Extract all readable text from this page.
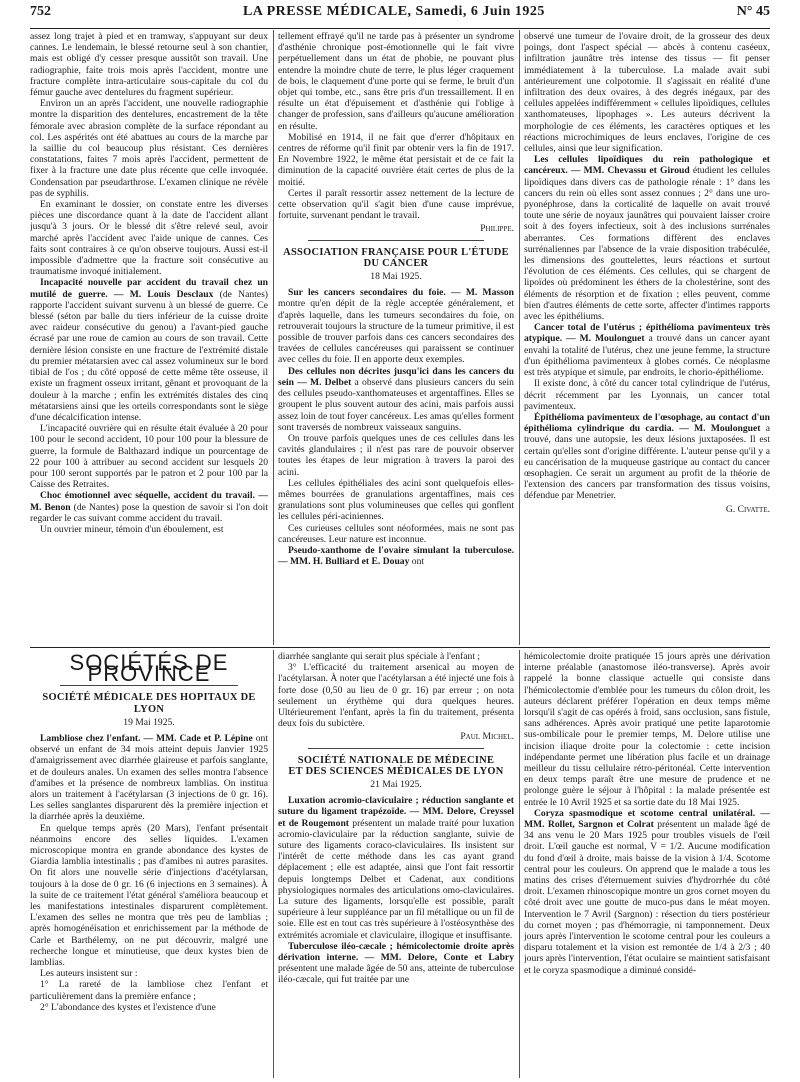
752	LA PRESSE MÉDICALE, Samedi, 6 Juin 1925	N° 45

assez long trajet à pied et en tramway, s'appuyant sur deux cannes. Le lendemain, le blessé retourne seul à son chantier, mais est obligé d'y cesser presque aussitôt son travail. Une radiographie, faite trois mois après l'accident, montre une fracture complète intra-articulaire sous-capitale du col du fémur gauche avec dentelures du fragment supérieur.

Environ un an après l'accident, une nouvelle radiographie montre la disparition des dentelures, encastrement de la tête fémorale avec abrasion complète de la surface répondant au col. Les aspérités ont été abattues au cours de la marche par la saillie du col beaucoup plus résistant. Ces dernières constatations, faites 7 mois après l'accident, permettent de fixer à la fracture une date plus récente que celle invoquée. Condensation par pseudarthrose. L'examen clinique ne révèle pas de syphilis.

En examinant le dossier, on constate entre les diverses pièces une discordance quant à la date de l'accident allant jusqu'à 3 jours. Or le blessé dit s'être relevé seul, avoir marché après l'accident avec l'aide unique de cannes. Ces faits sont contraires à ce qu'on observe toujours. Aussi est-il impossible d'admettre que la fracture soit consécutive au traumatisme invoqué initialement.

Incapacité nouvelle par accident du travail chez un mutilé de guerre. — M. Louis Desclaux (de Nantes) rapporte l'accident suivant survenu à un blessé de guerre. Ce blessé (séton par balle du tiers inférieur de la cuisse droite avec raideur consécutive du genou) a l'avant-pied gauche écrasé par une roue de camion au cours de son travail. Cette dernière lésion consiste en une fracture de l'extrémité distale du premier métatarsien avec cal assez volumineux sur le bord tibial de l'os ; du côté opposé de cette même tête osseuse, il existe un fragment osseux irritant, gênant et provoquant de la douleur à la marche ; enfin les extrémités distales des cinq métatarsiens ainsi que les orteils correspondants sont le siège d'une décalcification intense.

L'incapacité ouvrière qui en résulte était évaluée à 20 pour 100 pour le second accident, 10 pour 100 pour la blessure de guerre, la formule de Balthazard indique un pourcentage de 22 pour 100 à attribuer au second accident sur lesquels 20 pour 100 seront supportés par le patron et 2 pour 100 par la Caisse des Retraites.

Choc émotionnel avec séquelle, accident du travail. — M. Benon (de Nantes) pose la question de savoir si l'on doit regarder le cas suivant comme accident du travail.

Un ouvrier mineur, témoin d'un éboulement, est

tellement effrayé qu'il ne tarde pas à présenter un syndrome d'asthénie chronique post-émotionnelle qui le fait vivre perpétuellement dans un état de phobie, ne pouvant plus entendre la moindre chute de terre, le plus léger craquement de bois, le claquement d'une porte qui se ferme, le bruit d'un objet qui tombe, etc., sans être pris d'un tressaillement. Il en résulte un état d'épuisement et d'asthénie qui l'oblige à changer de profession, sans d'ailleurs qu'aucune amélioration en résulte.

Mobilisé en 1914, il ne fait que d'errer d'hôpitaux en centres de réforme qu'il finit par obtenir vers la fin de 1917. En Novembre 1922, le même état persistait et de ce fait la diminution de la capacité ouvrière était certes de plus de la moitié.

Certes il paraît ressortir assez nettement de la lecture de cette observation qu'il s'agit bien d'une cause imprévue, fortuite, survenant pendant le travail.

Philippe.

ASSOCIATION FRANÇAISE POUR L'ÉTUDE DU CANCER
18 Mai 1925.

Sur les cancers secondaires du foie. — M. Masson montre qu'en dépit de la règle acceptée généralement, et d'après laquelle, dans les tumeurs secondaires du foie, on retrouverait toujours la structure de la tumeur primitive, il est possible de trouver parfois dans ces cancers secondaires des travées de cellules cancéreuses qui paraissent se continuer avec celles du foie. Il en apporte deux exemples.

Des cellules non décrites jusqu'ici dans les cancers du sein — M. Delbet a observé dans plusieurs cancers du sein des cellules pseudo-xanthomateuses et argentaffines. Elles se groupent le plus souvent autour des acini, mais parfois aussi assez loin de tout foyer cancéreux. Les amas qu'elles forment sont traversés de nombreux vaisseaux sanguins.

On trouve parfois quelques unes de ces cellules dans les cavités glandulaires ; il n'est pas rare de pouvoir observer toutes les étapes de leur migration à travers la paroi des acini.

Les cellules épithéliales des acini sont quelquefois elles-mêmes bourrées de granulations argentaffines, mais ces granulations sont plus volumineuses que celles qui gonflent les cellules péri-aciniennes.

Ces curieuses cellules sont néoformées, mais ne sont pas cancéreuses. Leur nature est inconnue.

Pseudo-xanthome de l'ovaire simulant la tuberculose. — MM. H. Bulliard et E. Douay ont

observé une tumeur de l'ovaire droit, de la grosseur des deux poings, dont l'aspect spécial — abcès à contenu caséeux, infiltration jaunâtre très intense des tissus — fit penser immédiatement à la tuberculose. La malade avait subi antérieurement une colpotomie. Il s'agissait en réalité d'une infiltration des deux ovaires, à des degrés inégaux, par des cellules appelées indifféremment « cellules lipoïdiques, cellules xanthomateuses, lipophages ». Les auteurs décrivent la morphologie de ces éléments, les caractères optiques et les réactions microchimiques de leurs enclaves, l'origine de ces cellules, ainsi que leur signification.

Les cellules lipoïdiques du rein pathologique et cancéreux. — MM. Chevassu et Giroud étudient les cellules lipoïdiques dans divers cas de pathologie rénale : 1° dans les cancers du rein où elles sont assez connues ; 2° dans une uro-pyonéphrose, dans la corticalité de laquelle on avait trouvé toute une série de noyaux jaunâtres qui pouvaient laisser croire soit à des foyers infectieux, soit à des inclusions surrénales aberrantes. Ces formations diffèrent des enclaves surrénaliennes par l'absence de la vraie disposition trabéculée, les dimensions des gouttelettes, leurs réactions et surtout l'évolution de ces éléments. Ces cellules, qui se chargent de lipoïdes où prédominent les éthers de la cholestérine, sont des éléments de résorption et de fixation ; elles peuvent, comme bien d'autres éléments de cette sorte, affecter d'intimes rapports avec les épithéliums.

Cancer total de l'utérus ; épithélioma pavimenteux très atypique. — M. Moulonguet a trouvé dans un cancer ayant envahi la totalité de l'utérus, chez une jeune femme, la structure d'un épithélioma pavimenteux à globes cornés. Ce néoplasme est très atypique et simule, par endroits, le chorio-épithéliome.

Il existe donc, à côté du cancer total cylindrique de l'utérus, décrit récemment par les Lyonnais, un cancer total pavimenteux.

Épithélioma pavimenteux de l'œsophage, au contact d'un épithélioma cylindrique du cardia. — M. Moulonguet a trouvé, dans une autopsie, les deux lésions juxtaposées. Il est certain qu'elles sont d'origine différente. L'auteur pense qu'il y a eu cancérisation de la muqueuse gastrique au contact du cancer œsophagien. Ce serait un argument au profit de la théorie de l'extension des cancers par transformation des tissus voisins, défendue par Menetrier.

G. Civatte.

SOCIÉTÉS DE PROVINCE
SOCIÉTÉ MÉDICALE DES HOPITAUX DE LYON
19 Mai 1925.

Lambliose chez l'enfant. — MM. Cade et P. Lépine ont observé un enfant de 34 mois atteint depuis Janvier 1925 d'amaigrissement avec diarrhée glaireuse et parfois sanglante, et de douleurs anales. Un examen des selles montra l'absence d'amibes et la présence de nombreux lamblias. On institua alors un traitement à l'acétylarsan (3 injections de 0 gr. 16). Les selles sanglantes disparurent dès la première injection et la diarrhée après la deuxième.

En quelque temps après (20 Mars), l'enfant présentait néanmoins encore des selles liquides. L'examen microscopique montra en grande abondance des kystes de Giardia lamblia intestinalis ; pas d'amibes ni autres parasites. On fit alors une nouvelle série d'injections d'acétylarsan, toujours à la dose de 0 gr. 16 (6 injections en 3 semaines). À la suite de ce traitement l'état général s'améliora beaucoup et les manifestations intestinales disparurent complètement. L'examen des selles ne montra que très peu de lamblias ; après homogénéisation et enrichissement par la méthode de Carle et Barthélemy, on ne put découvrir, malgré une recherche longue et minutieuse, que deux kystes bien de lamblias.

Les auteurs insistent sur :

1° La rareté de la lambliose chez l'enfant et particulièrement dans la première enfance ;

2° L'abondance des kystes et l'existence d'une

diarrhée sanglante qui serait plus spéciale à l'enfant ;

3° L'efficacité du traitement arsenical au moyen de l'acétylarsan. À noter que l'acétylarsan a été injecté une fois à forte dose (0,50 au lieu de 0 gr. 16) par erreur ; on nota seulement un érythème qui dura quelques heures. Ultérieurement l'enfant, après la fin du traitement, présenta deux fois du subictère.

Paul Michel.

SOCIÉTÉ NATIONALE DE MÉDECINE
ET DES SCIENCES MÉDICALES DE LYON
21 Mai 1925.

Luxation acromio-claviculaire ; réduction sanglante et suture du ligament trapézoïde. — MM. Delore, Creyssel et de Rougemont présentent un malade traité pour luxation acromio-claviculaire par la réduction sanglante, suivie de suture des ligaments coraco-claviculaires. Ils insistent sur l'intérêt de cette méthode dans les cas ayant grand déplacement ; elle est adaptée, ainsi que l'ont fait ressortir depuis longtemps Delbet et Cadenat, aux conditions physiologiques normales des articulations omo-claviculaires. La suture des ligaments, lorsqu'elle est possible, paraît supérieure à leur suppléance par un fil métallique ou un fil de soie. Elle est en tout cas très supérieure à l'ostéosynthèse des extrémités acromiale et claviculaire, illogique et insuffisante.

Tuberculose iléo-cæcale ; hémicolectomie droite après dérivation interne. — MM. Delore, Conte et Labry présentent une malade âgée de 50 ans, atteinte de tuberculose iléo-cæcale, qui fut traitée par une

hémicolectomie droite pratiquée 15 jours après une dérivation interne préalable (anastomose iléo-transverse). Après avoir rappelé la bonne classique actuelle qui consiste dans l'hémicolectomie d'emblée pour les tumeurs du côlon droit, les auteurs déclarent préférer l'opération en deux temps même lorsqu'il s'agit de cas opérés à froid, sans occlusion, sans fistule, sans adhérences. Après avoir pratiqué une petite laparotomie sus-ombilicale pour le premier temps, M. Delore utilise une incision iliaque droite pour la colectomie : cette incision indépendante permet une libération plus facile et un drainage meilleur du tissu cellulaire rétro-péritonéal. Cette intervention en deux temps paraît être une mesure de prudence et ne prolonge guère le séjour à l'hôpital : la malade présentée est entrée le 10 Avril 1925 et sa sortie date du 18 Mai 1925.

Coryza spasmodique et scotome central unilatéral. — MM. Rollet, Sargnon et Colrat présentent un malade âgé de 34 ans venu le 20 Mars 1925 pour troubles visuels de l'œil droit. L'œil gauche est normal, V = 1/2. Aucune modification du fond d'œil à droite, mais baisse de la vision à 1/4. Scotome central pour les couleurs. On apprend que le malade a tous les matins des crises d'éternuement suivies d'hydrorrhée du côté droit. L'examen rhinoscopique montre un gros cornet moyen du côté droit avec une goutte de muco-pus dans le méat moyen. Intervention le 7 Avril (Sargnon) : résection du tiers postérieur du cornet moyen ; pas d'hémorragie, ni tamponnement. Deux jours après l'intervention le scotome central pour les couleurs a disparu totalement et la vision est remontée de 1/4 à 2/3 ; 40 jours après l'intervention, l'état oculaire se maintient satisfaisant et le coryza spasmodique a diminué considé-
